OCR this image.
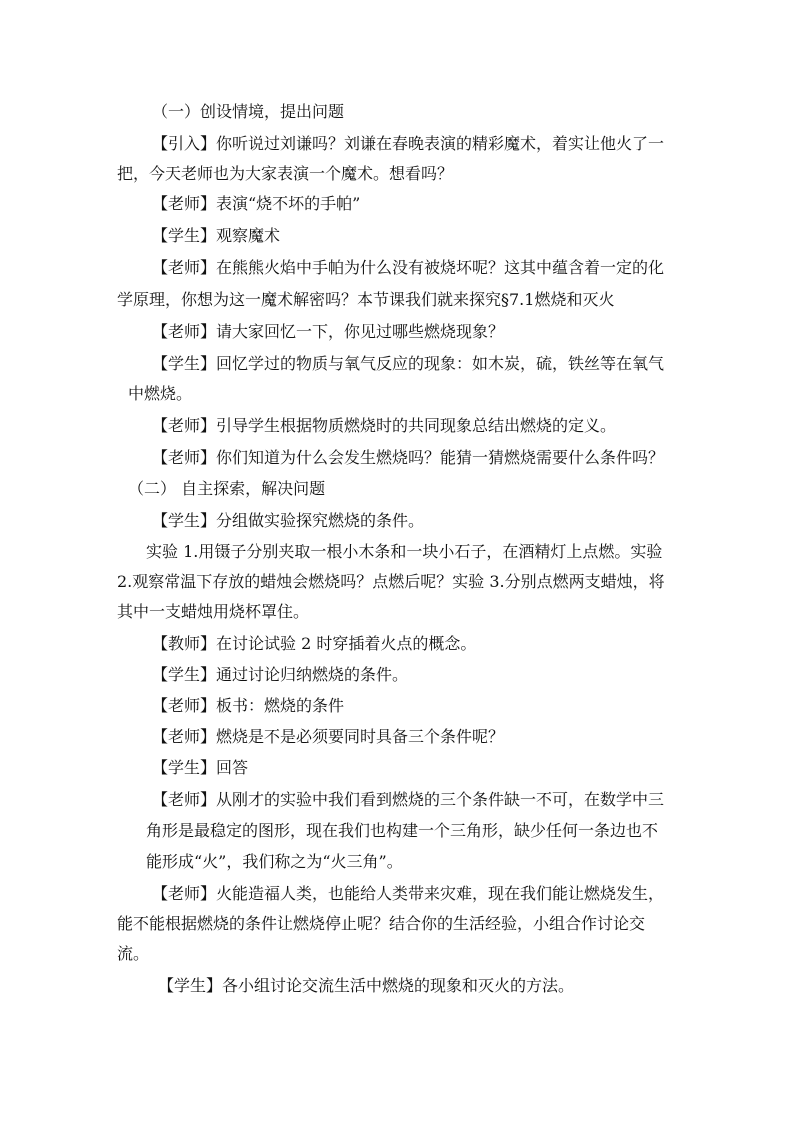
（一）创设情境，提出问题

【引入】你听说过刘谦吗？刘谦在春晚表演的精彩魔术，着实让他火了一

把，今天老师也为大家表演一个魔术。想看吗？

【老师】表演“烧不坏的手帕”

【学生】观察魔术

【老师】在熊熊火焰中手帕为什么没有被烧坏呢？这其中蕴含着一定的化

学原理，你想为这一魔术解密吗？本节课我们就来探究§7.1燃烧和灭火

【老师】请大家回忆一下，你见过哪些燃烧现象？

【学生】回忆学过的物质与氧气反应的现象：如木炭，硫，铁丝等在氧气

中燃烧。

【老师】引导学生根据物质燃烧时的共同现象总结出燃烧的定义。

【老师】你们知道为什么会发生燃烧吗？能猜一猜燃烧需要什么条件吗？

（二） 自主探索，解决问题

【学生】分组做实验探究燃烧的条件。

实验 1.用镊子分别夹取一根小木条和一块小石子，在酒精灯上点燃。实验

2.观察常温下存放的蜡烛会燃烧吗？点燃后呢？实验 3.分别点燃两支蜡烛，将

其中一支蜡烛用烧杯罩住。

【教师】在讨论试验 2 时穿插着火点的概念。

【学生】通过讨论归纳燃烧的条件。

【老师】板书：燃烧的条件

【老师】燃烧是不是必须要同时具备三个条件呢？

【学生】回答

【老师】从刚才的实验中我们看到燃烧的三个条件缺一不可，在数学中三

角形是最稳定的图形，现在我们也构建一个三角形，缺少任何一条边也不

能形成“火”，我们称之为“火三角”。

【老师】火能造福人类，也能给人类带来灾难，现在我们能让燃烧发生，

能不能根据燃烧的条件让燃烧停止呢？结合你的生活经验，小组合作讨论交

流。

【学生】各小组讨论交流生活中燃烧的现象和灭火的方法。
